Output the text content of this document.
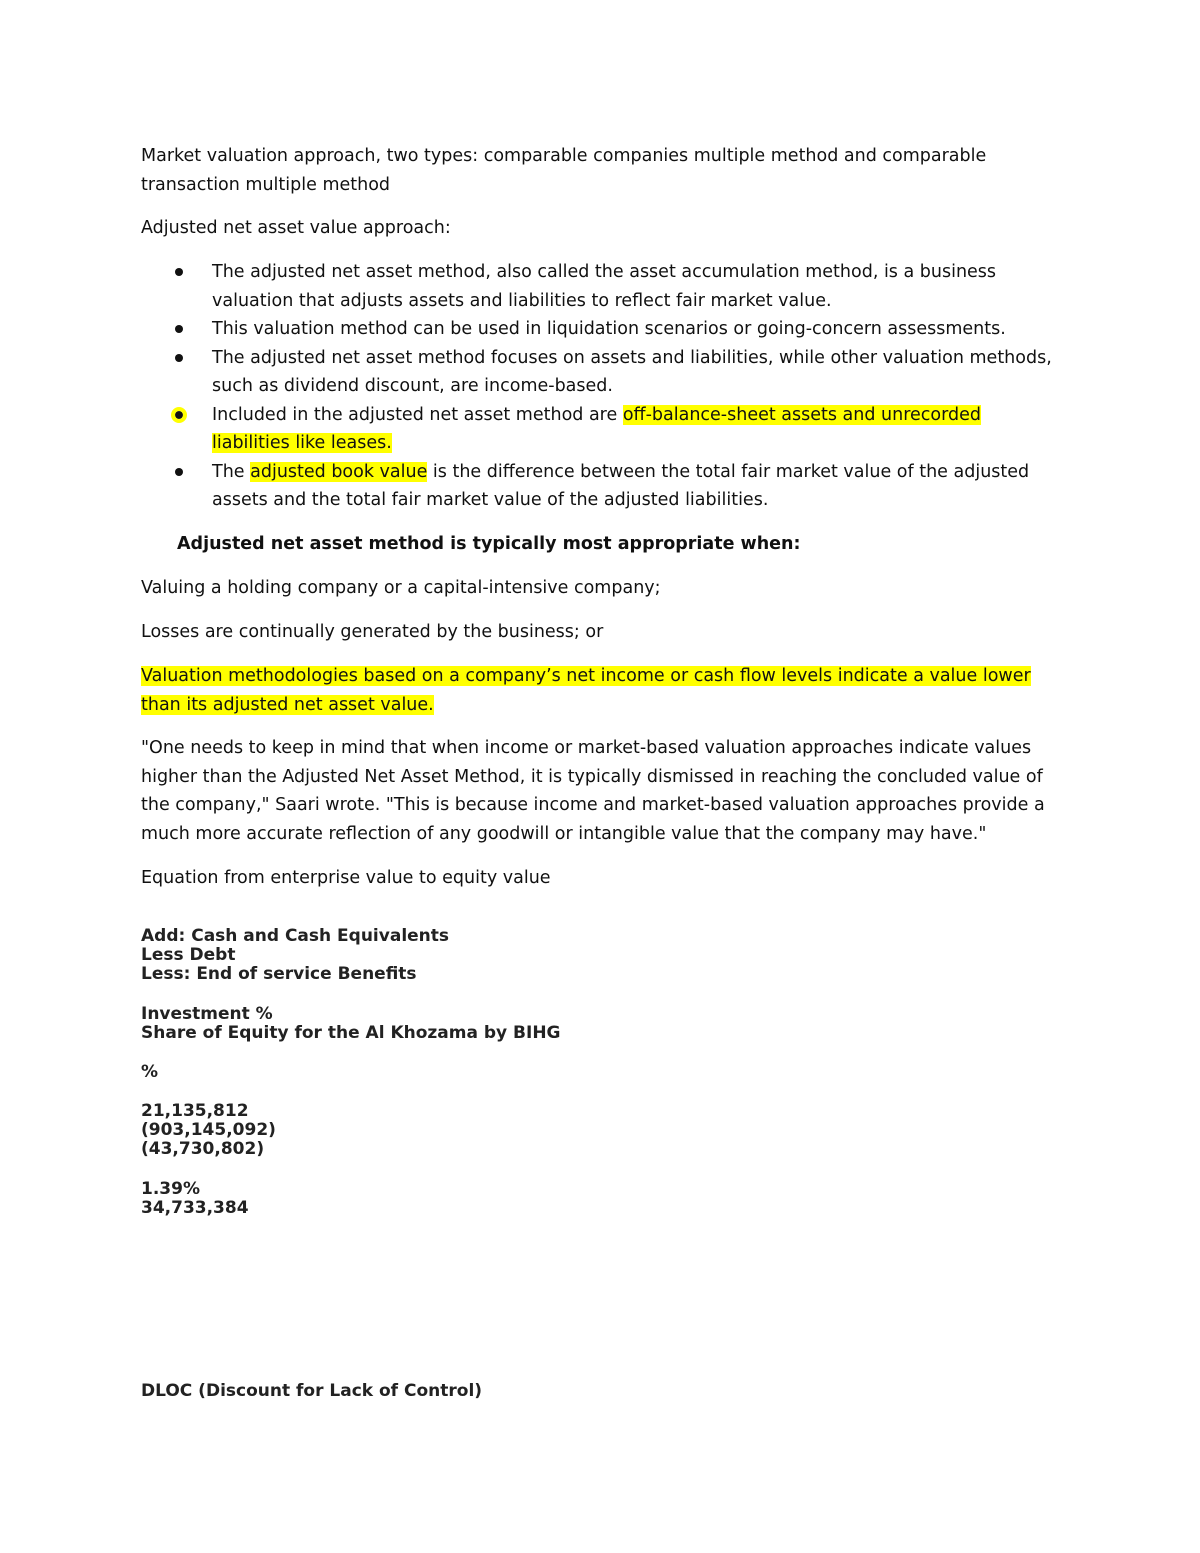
Market valuation approach, two types: comparable companies multiple method and comparable transaction multiple method

Adjusted net asset value approach:

The adjusted net asset method, also called the asset accumulation method, is a business valuation that adjusts assets and liabilities to reflect fair market value.
This valuation method can be used in liquidation scenarios or going-concern assessments.
The adjusted net asset method focuses on assets and liabilities, while other valuation methods, such as dividend discount, are income-based.
Included in the adjusted net asset method are off-balance-sheet assets and unrecorded liabilities like leases.
The adjusted book value is the difference between the total fair market value of the adjusted assets and the total fair market value of the adjusted liabilities.

Adjusted net asset method is typically most appropriate when:

Valuing a holding company or a capital-intensive company;

Losses are continually generated by the business; or

Valuation methodologies based on a company’s net income or cash flow levels indicate a value lower than its adjusted net asset value.

"One needs to keep in mind that when income or market-based valuation approaches indicate values higher than the Adjusted Net Asset Method, it is typically dismissed in reaching the concluded value of the company," Saari wrote. "This is because income and market-based valuation approaches provide a much more accurate reflection of any goodwill or intangible value that the company may have."

Equation from enterprise value to equity value

Add: Cash and Cash Equivalents
Less Debt
Less: End of service Benefits
Investment %
Share of Equity for the Al Khozama by BIHG
%
21,135,812
(903,145,092)
(43,730,802)
1.39%
34,733,384
DLOC (Discount for Lack of Control)
